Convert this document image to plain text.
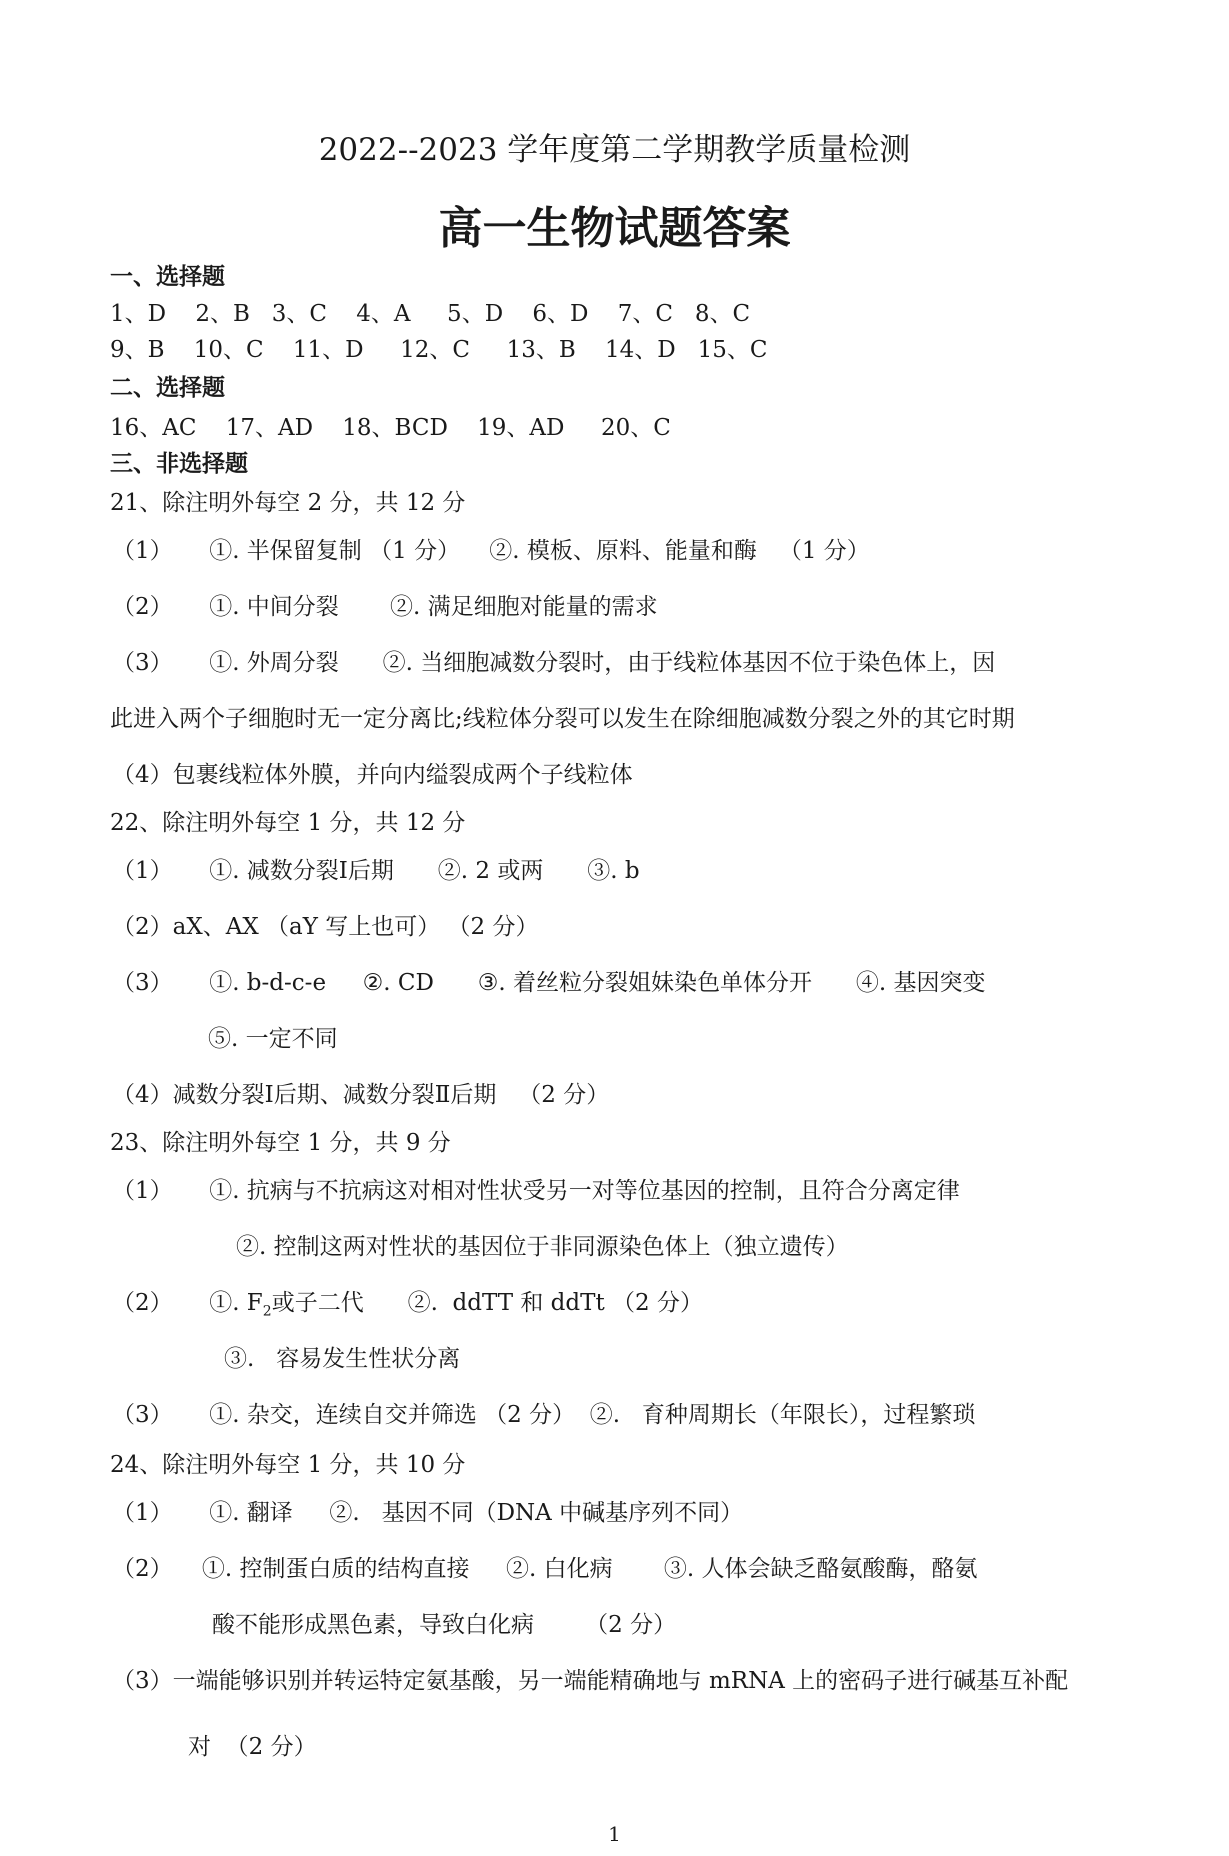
2022--2023 学年度第二学期教学质量检测
高一生物试题答案
一、选择题
1、D    2、B   3、C    4、A     5、D    6、D    7、C   8、C
9、B    10、C    11、D     12、C     13、B    14、D   15、C
二、选择题
16、AC    17、AD    18、BCD    19、AD     20、C
三、非选择题
21、除注明外每空 2 分，共 12 分
（1）     ①. 半保留复制 （1 分）    ②. 模板、原料、能量和酶   （1 分）
（2）     ①. 中间分裂       ②. 满足细胞对能量的需求
（3）     ①. 外周分裂      ②. 当细胞减数分裂时，由于线粒体基因不位于染色体上，因
此进入两个子细胞时无一定分离比;线粒体分裂可以发生在除细胞减数分裂之外的其它时期
（4）包裹线粒体外膜，并向内缢裂成两个子线粒体
22、除注明外每空 1 分，共 12 分
（1）     ①. 减数分裂Ⅰ后期      ②. 2 或两      ③. b
（2）aX、AX （aY 写上也可） （2 分）
（3）     ①. b-d-c-e     ②. CD      ③. 着丝粒分裂姐妹染色单体分开      ④. 基因突变
⑤. 一定不同
（4）减数分裂Ⅰ后期、减数分裂Ⅱ后期   （2 分）
23、除注明外每空 1 分，共 9 分
（1）     ①. 抗病与不抗病这对相对性状受另一对等位基因的控制，且符合分离定律
②. 控制这两对性状的基因位于非同源染色体上（独立遗传）
（2）     ①. $F_2$或子二代      ②.  ddTT 和 ddTt （2 分）
③.   容易发生性状分离
（3）     ①. 杂交，连续自交并筛选 （2 分）  ②.   育种周期长（年限长），过程繁琐
24、除注明外每空 1 分，共 10 分
（1）     ①. 翻译     ②.   基因不同（DNA 中碱基序列不同）
（2）    ①. 控制蛋白质的结构直接     ②. 白化病       ③. 人体会缺乏酪氨酸酶，酪氨
酸不能形成黑色素，导致白化病       （2 分）
（3）一端能够识别并转运特定氨基酸，另一端能精确地与 mRNA 上的密码子进行碱基互补配
对  （2 分）
1
